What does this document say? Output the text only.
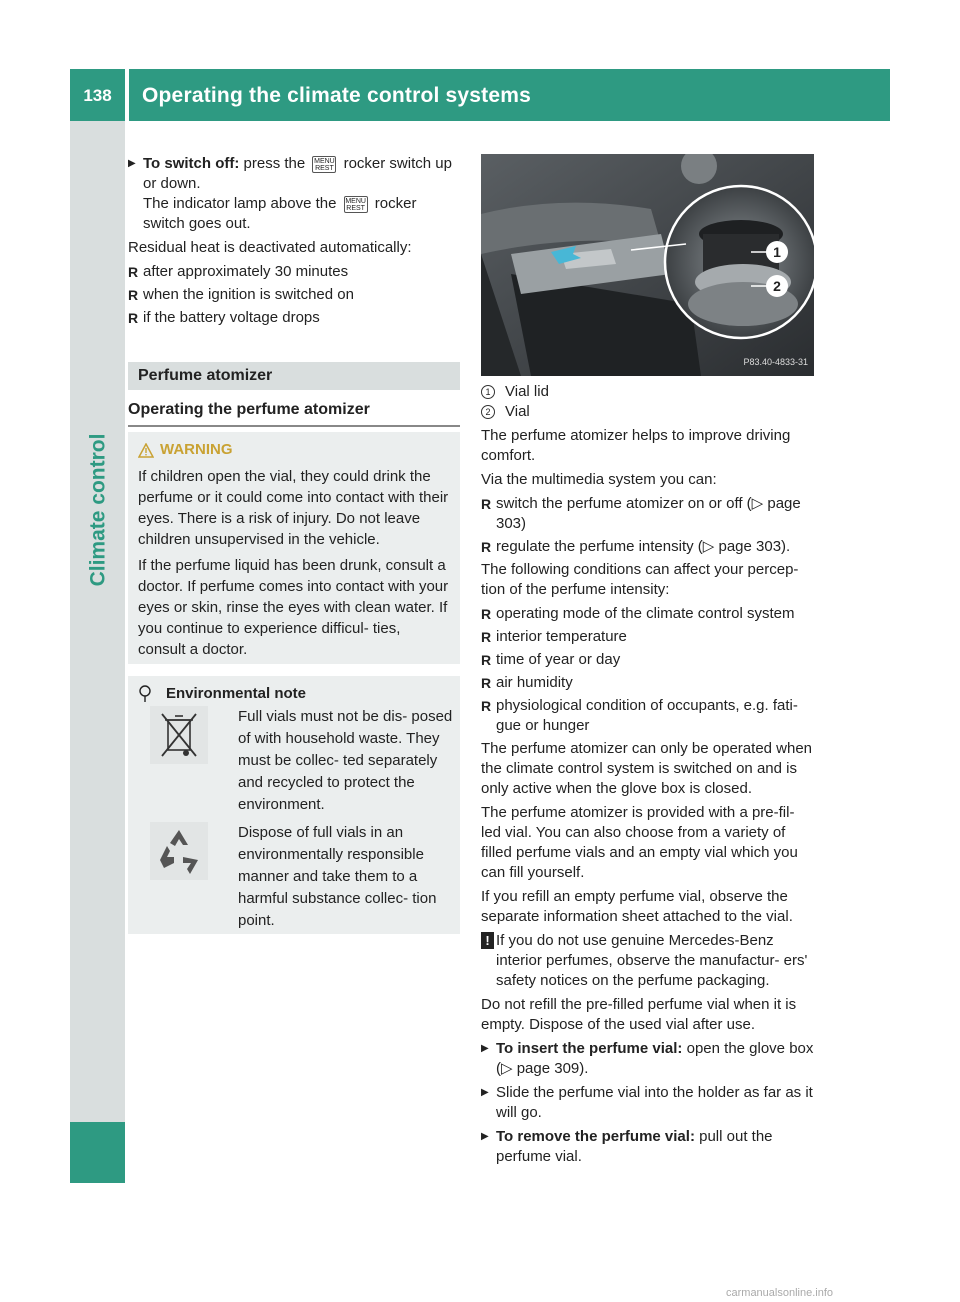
138	Operating the climate control systems
Climate control

▶ To switch off: press the MENU
REST rocker switch up or down.
The indicator lamp above the MENU
REST rocker switch goes out.

Residual heat is deactivated automatically:

R after approximately 30 minutes
R when the ignition is switched on
R if the battery voltage drops
Perfume atomizer
Operating the perfume atomizer
WARNING

If children open the vial, they could drink the perfume or it could come into contact with their eyes. There is a risk of injury. Do not leave children unsupervised in the vehicle.

If the perfume liquid has been drunk, consult a doctor. If perfume comes into contact with your eyes or skin, rinse the eyes with clean water. If you continue to experience difficul- ties, consult a doctor.

Environmental note
Full vials must not be dis- posed of with household waste. They must be collec- ted separately and recycled to protect the environment.
Dispose of full vials in an environmentally responsible manner and take them to a harmful substance collec- tion point.
1
2
P83.40-4833-31
1 Vial lid
2 Vial

The perfume atomizer helps to improve driving comfort.

Via the multimedia system you can:

R switch the perfume atomizer on or off (▷ page 303)
R regulate the perfume intensity (▷ page 303).

The following conditions can affect your percep- tion of the perfume intensity:

R operating mode of the climate control system
R interior temperature
R time of year or day
R air humidity
R physiological condition of occupants, e.g. fati- gue or hunger

The perfume atomizer can only be operated when the climate control system is switched on and is only active when the glove box is closed.

The perfume atomizer is provided with a pre-fil- led vial. You can also choose from a variety of filled perfume vials and an empty vial which you can fill yourself.

If you refill an empty perfume vial, observe the separate information sheet attached to the vial.

! If you do not use genuine Mercedes-Benz interior perfumes, observe the manufactur- ers' safety notices on the perfume packaging.

Do not refill the pre-filled perfume vial when it is empty. Dispose of the used vial after use.

▶ To insert the perfume vial: open the glove box (▷ page 309).

▶ Slide the perfume vial into the holder as far as it will go.

▶ To remove the perfume vial: pull out the perfume vial.

carmanualsonline.info
